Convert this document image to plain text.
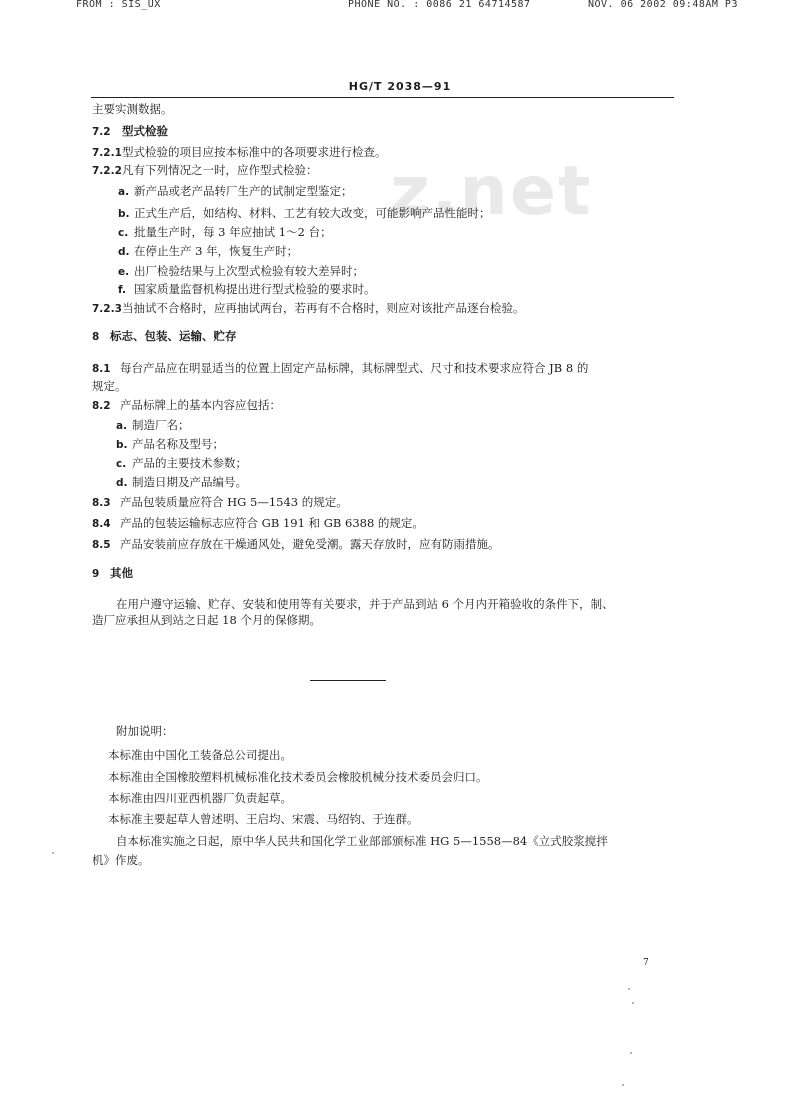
FROM : SIS_UX	PHONE NO. : 0086 21 64714587	NOV. 06 2002 09:48AM P3
z.net
HG/T 2038—91
主要实测数据。
7.2 型式检验
7.2.1型式检验的项目应按本标准中的各项要求进行检查。
7.2.2凡有下列情况之一时，应作型式检验：
a. 新产品或老产品转厂生产的试制定型鉴定；
b. 正式生产后，如结构、材料、工艺有较大改变，可能影响产品性能时；
c. 批量生产时，每 3 年应抽试 1～2 台；
d. 在停止生产 3 年，恢复生产时；
e. 出厂检验结果与上次型式检验有较大差异时；
f. 国家质量监督机构提出进行型式检验的要求时。
7.2.3当抽试不合格时，应再抽试两台，若再有不合格时，则应对该批产品逐台检验。
8 标志、包装、运输、贮存
8.1 每台产品应在明显适当的位置上固定产品标牌，其标牌型式、尺寸和技术要求应符合 JB 8 的
规定。
8.2 产品标牌上的基本内容应包括：
a. 制造厂名；
b. 产品名称及型号；
c. 产品的主要技术参数；
d. 制造日期及产品编号。
8.3 产品包装质量应符合 HG 5—1543 的规定。
8.4 产品的包装运输标志应符合 GB 191 和 GB 6388 的规定。
8.5 产品安装前应存放在干燥通风处，避免受潮。露天存放时，应有防雨措施。
9 其他
在用户遵守运输、贮存、安装和使用等有关要求，并于产品到站 6 个月内开箱验收的条件下，制、
造厂应承担从到站之日起 18 个月的保修期。
附加说明：
本标准由中国化工装备总公司提出。
本标准由全国橡胶塑料机械标准化技术委员会橡胶机械分技术委员会归口。
本标准由四川亚西机器厂负责起草。
本标准主要起草人曾述明、王启均、宋震、马绍钧、于连群。
自本标准实施之日起，原中华人民共和国化学工业部部颁标准 HG 5—1558—84《立式胶浆搅拌
机》作废。
7
